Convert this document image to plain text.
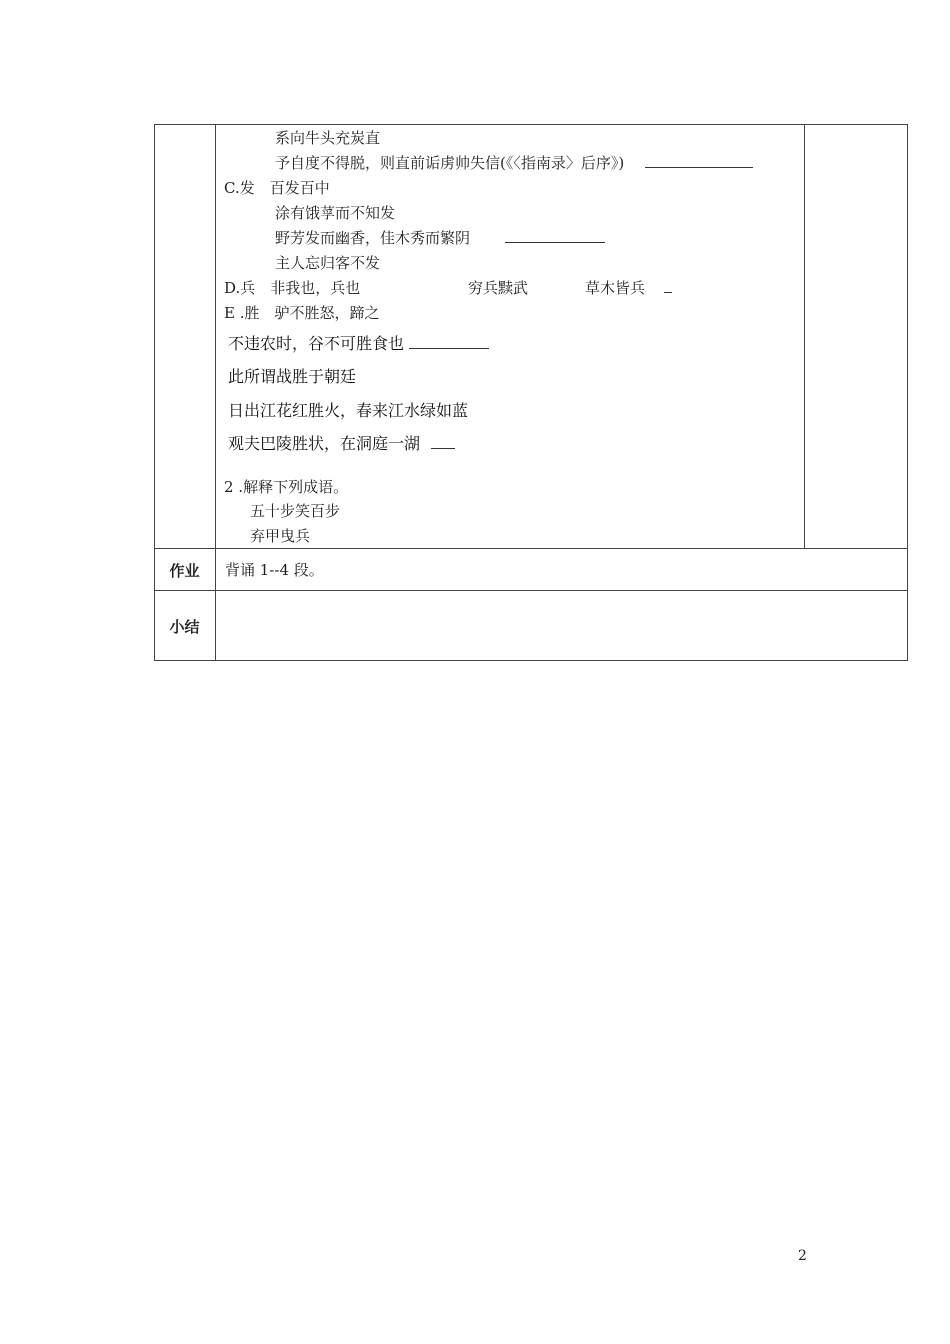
系向牛头充炭直
予自度不得脱，则直前诟虏帅失信(《〈指南录〉后序》)
C.发　百发百中
涂有饿莩而不知发
野芳发而幽香，佳木秀而繁阴
主人忘归客不发
D.兵　非我也，兵也	穷兵黩武	草木皆兵
E .胜　驴不胜怒，蹄之
不违农时，谷不可胜食也
此所谓战胜于朝廷
日出江花红胜火，春来江水绿如蓝
观夫巴陵胜状，在洞庭一湖
2 .解释下列成语。
五十步笑百步
弃甲曳兵
作业	背诵 1--4 段。
小结
2
